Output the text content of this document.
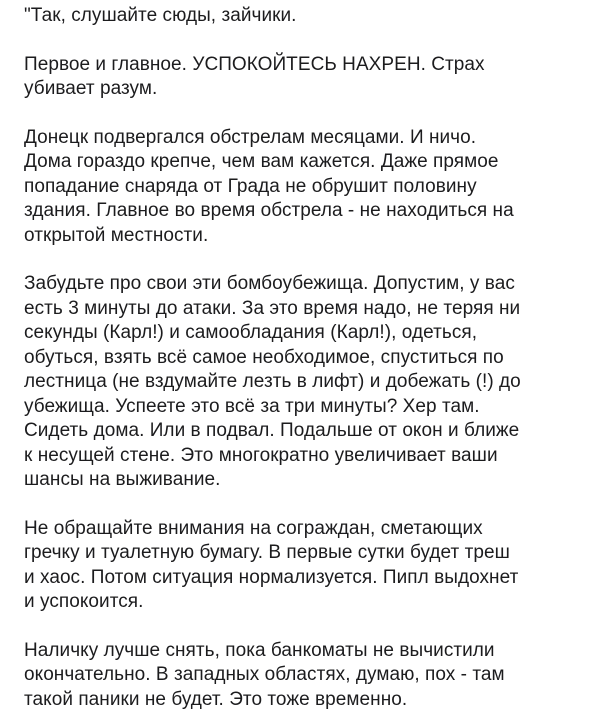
"Так, слушайте сюды, зайчики.

Первое и главное. УСПОКОЙТЕСЬ НАХРЕН. Страх
убивает разум.

Донецк подвергался обстрелам месяцами. И ничо.
Дома гораздо крепче, чем вам кажется. Даже прямое
попадание снаряда от Града не обрушит половину
здания. Главное во время обстрела - не находиться на
открытой местности.

Забудьте про свои эти бомбоубежища. Допустим, у вас
есть 3 минуты до атаки. За это время надо, не теряя ни
секунды (Карл!) и самообладания (Карл!), одеться,
обуться, взять всё самое необходимое, спуститься по
лестница (не вздумайте лезть в лифт) и добежать (!) до
убежища. Успеете это всё за три минуты? Хер там.
Сидеть дома. Или в подвал. Подальше от окон и ближе
к несущей стене. Это многократно увеличивает ваши
шансы на выживание.

Не обращайте внимания на сограждан, сметающих
гречку и туалетную бумагу. В первые сутки будет треш
и хаос. Потом ситуация нормализуется. Пипл выдохнет
и успокоится.

Наличку лучше снять, пока банкоматы не вычистили
окончательно. В западных областях, думаю, пох - там
такой паники не будет. Это тоже временно.
